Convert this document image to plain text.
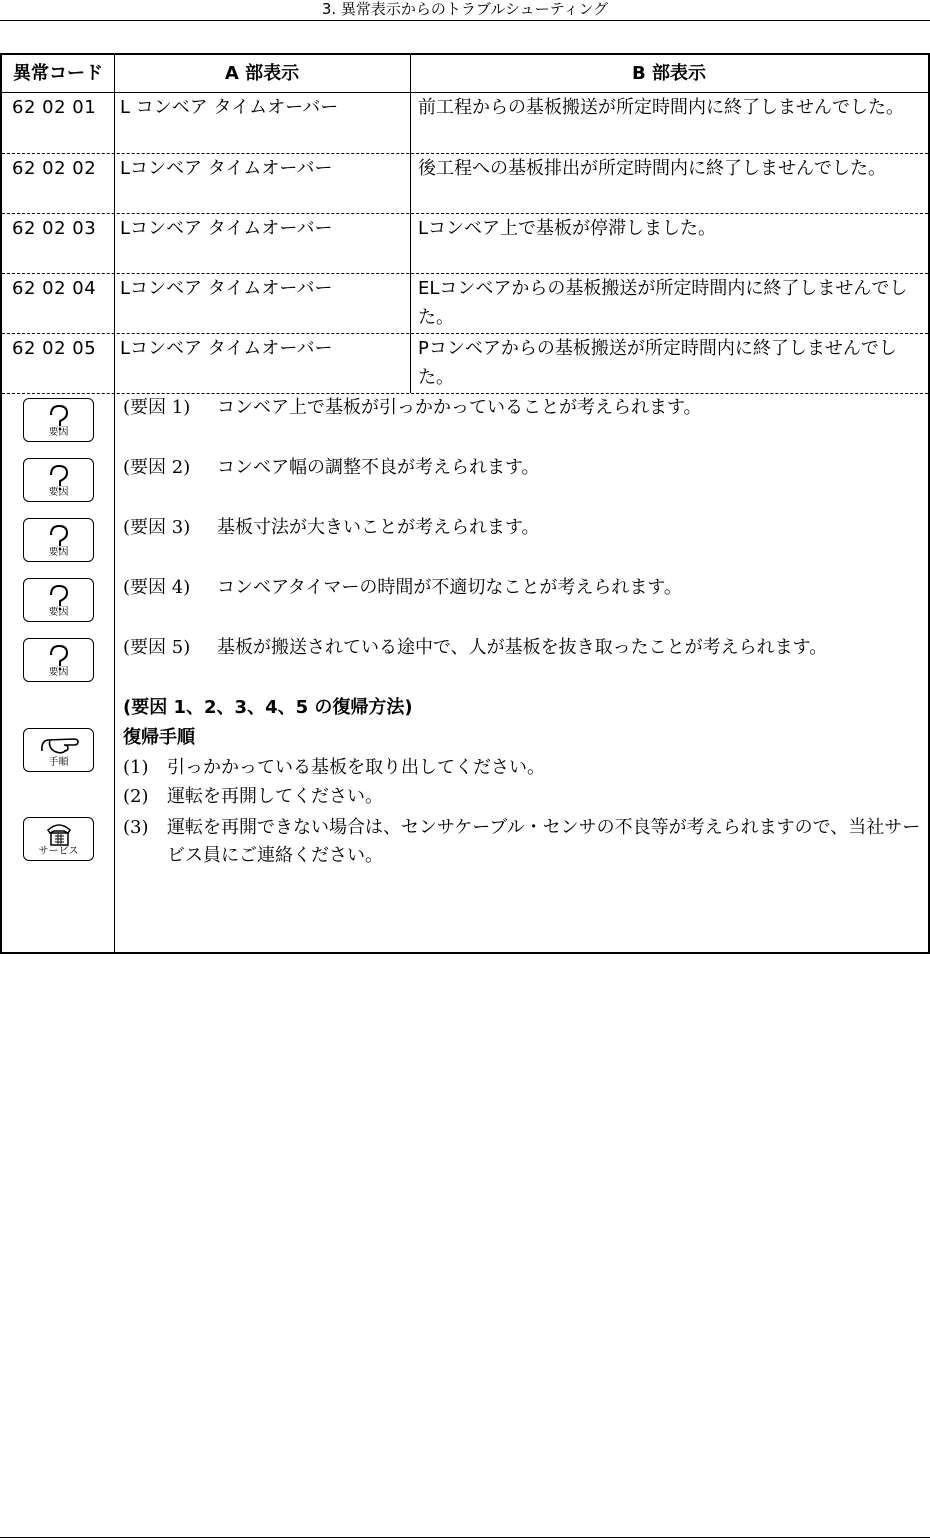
3. 異常表示からのトラブルシューティング
異常コード	A 部表示	B 部表示
62 02 01	L コンベア タイムオーバー	前工程からの基板搬送が所定時間内に終了しませんでした。
62 02 02	Lコンベア タイムオーバー	後工程への基板排出が所定時間内に終了しませんでした。
62 02 03	Lコンベア タイムオーバー	Lコンベア上で基板が停滞しました。
62 02 04	Lコンベア タイムオーバー	ELコンベアからの基板搬送が所定時間内に終了しませんでした。
62 02 05	Lコンベア タイムオーバー	Pコンベアからの基板搬送が所定時間内に終了しませんでした。
要因
要因
要因
要因
要因
手順
サービス
(要因 1) コンベア上で基板が引っかかっていることが考えられます。
(要因 2) コンベア幅の調整不良が考えられます。
(要因 3) 基板寸法が大きいことが考えられます。
(要因 4) コンベアタイマーの時間が不適切なことが考えられます。
(要因 5) 基板が搬送されている途中で、人が基板を抜き取ったことが考えられます。
(要因 1、2、3、4、5 の復帰方法)
復帰手順
(1) 引っかかっている基板を取り出してください。
(2) 運転を再開してください。
(3) 運転を再開できない場合は、センサケーブル・センサの不良等が考えられますので、当社サービス員にご連絡ください。
